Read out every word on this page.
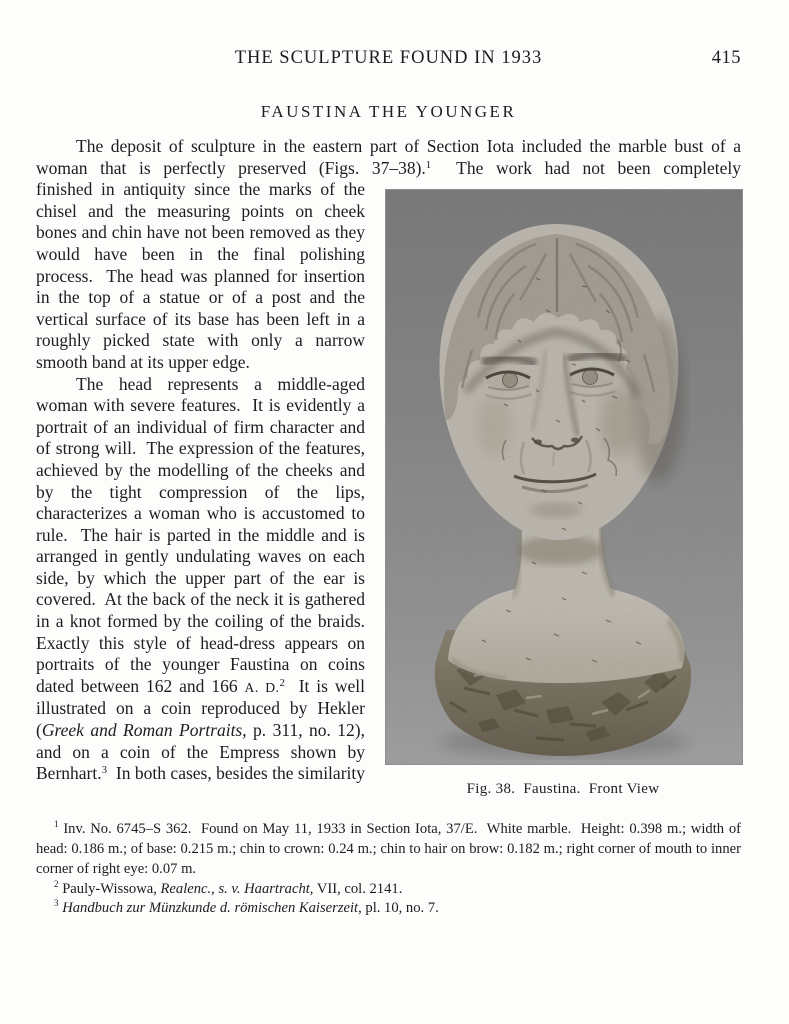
THE SCULPTURE FOUND IN 1933	415
FAUSTINA THE YOUNGER

The deposit of sculpture in the eastern part of Section Iota included the marble bust of a woman that is perfectly preserved (Figs. 37–38).$^1$  The work had not been completely

Fig. 38.  Faustina.  Front View

finished in antiquity since the marks of the chisel and the measuring points on cheek bones and chin have not been removed as they would have been in the final polishing process.  The head was planned for insertion in the top of a statue or of a post and the vertical surface of its base has been left in a roughly picked state with only a narrow smooth band at its upper edge.

The head represents a middle-aged woman with severe features.  It is evidently a portrait of an individual of firm character and of strong will.  The expression of the features, achieved by the modelling of the cheeks and by the tight compression of the lips, characterizes a woman who is accustomed to rule.  The hair is parted in the middle and is arranged in gently undulating waves on each side, by which the upper part of the ear is covered.  At the back of the neck it is gathered in a knot formed by the coiling of the braids.  Exactly this style of head-dress appears on portraits of the younger Faustina on coins dated between 162 and 166 A. D.$^2$  It is well illustrated on a coin reproduced by Hekler (Greek and Roman Portraits, p. 311, no. 12), and on a coin of the Empress shown by Bernhart.$^3$  In both cases, besides the similarity

$^1$ Inv. No. 6745–S 362.  Found on May 11, 1933 in Section Iota, 37/E.  White marble.  Height: 0.398 m.; width of head: 0.186 m.; of base: 0.215 m.; chin to crown: 0.24 m.; chin to hair on brow: 0.182 m.; right corner of mouth to inner corner of right eye: 0.07 m.

$^2$ Pauly-Wissowa, Realenc., s. v. Haartracht, VII, col. 2141.

$^3$ Handbuch zur Münzkunde d. römischen Kaiserzeit, pl. 10, no. 7.
